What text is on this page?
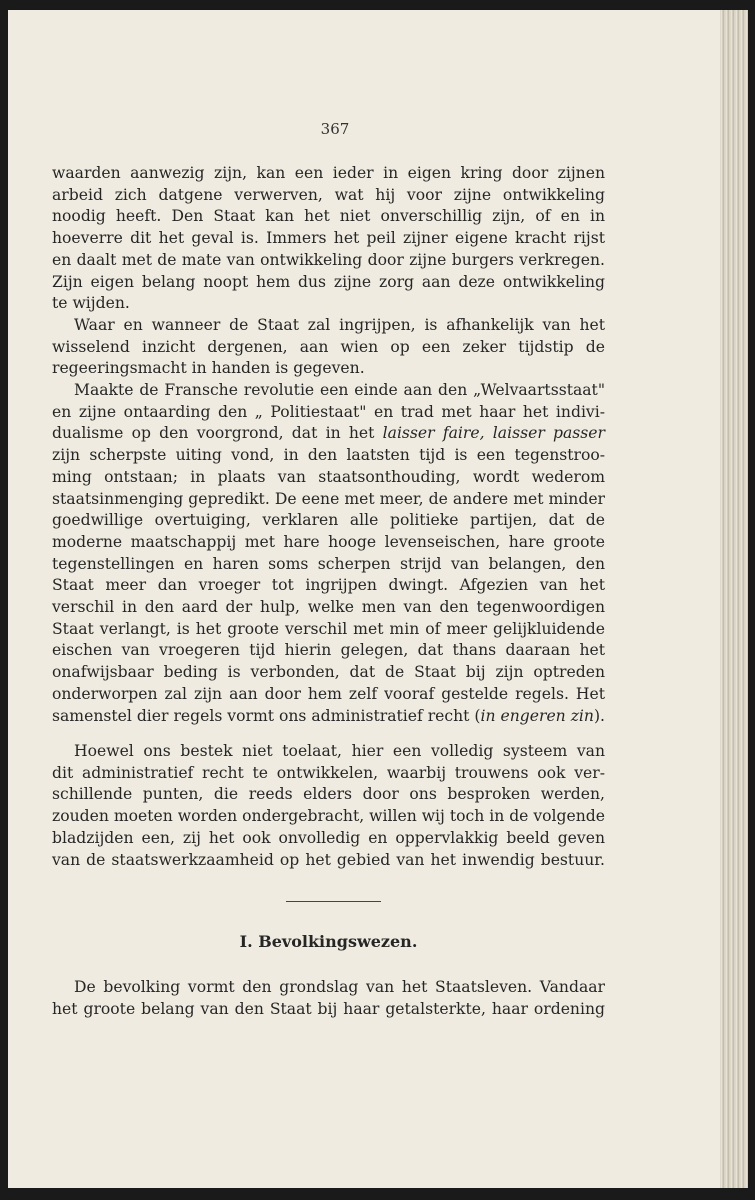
367

waarden aanwezig zijn, kan een ieder in eigen kring door zijnen

arbeid zich datgene verwerven, wat hij voor zijne ontwikkeling

noodig heeft. Den Staat kan het niet onverschillig zijn, of en in

hoeverre dit het geval is. Immers het peil zijner eigene kracht rijst

en daalt met de mate van ontwikkeling door zijne burgers verkregen.

Zijn eigen belang noopt hem dus zijne zorg aan deze ontwikkeling

te wijden.

Waar en wanneer de Staat zal ingrijpen, is afhankelijk van het

wisselend inzicht dergenen, aan wien op een zeker tijdstip de

regeeringsmacht in handen is gegeven.

Maakte de Fransche revolutie een einde aan den „Welvaartsstaat"

en zijne ontaarding den „ Politiestaat" en trad met haar het indivi-

dualisme op den voorgrond, dat in het laisser faire, laisser passer

zijn scherpste uiting vond, in den laatsten tijd is een tegenstroo-

ming ontstaan; in plaats van staatsonthouding, wordt wederom

staatsinmenging gepredikt. De eene met meer, de andere met minder

goedwillige overtuiging, verklaren alle politieke partijen, dat de

moderne maatschappij met hare hooge levenseischen, hare groote

tegenstellingen en haren soms scherpen strijd van belangen, den

Staat meer dan vroeger tot ingrijpen dwingt. Afgezien van het

verschil in den aard der hulp, welke men van den tegenwoordigen

Staat verlangt, is het groote verschil met min of meer gelijkluidende

eischen van vroegeren tijd hierin gelegen, dat thans daaraan het

onafwijsbaar beding is verbonden, dat de Staat bij zijn optreden

onderworpen zal zijn aan door hem zelf vooraf gestelde regels. Het

samenstel dier regels vormt ons administratief recht (in engeren zin).

Hoewel ons bestek niet toelaat, hier een volledig systeem van

dit administratief recht te ontwikkelen, waarbij trouwens ook ver-

schillende punten, die reeds elders door ons besproken werden,

zouden moeten worden ondergebracht, willen wij toch in de volgende

bladzijden een, zij het ook onvolledig en oppervlakkig beeld geven

van de staatswerkzaamheid op het gebied van het inwendig bestuur.

I. Bevolkingswezen.

De bevolking vormt den grondslag van het Staatsleven. Vandaar

het groote belang van den Staat bij haar getalsterkte, haar ordening
